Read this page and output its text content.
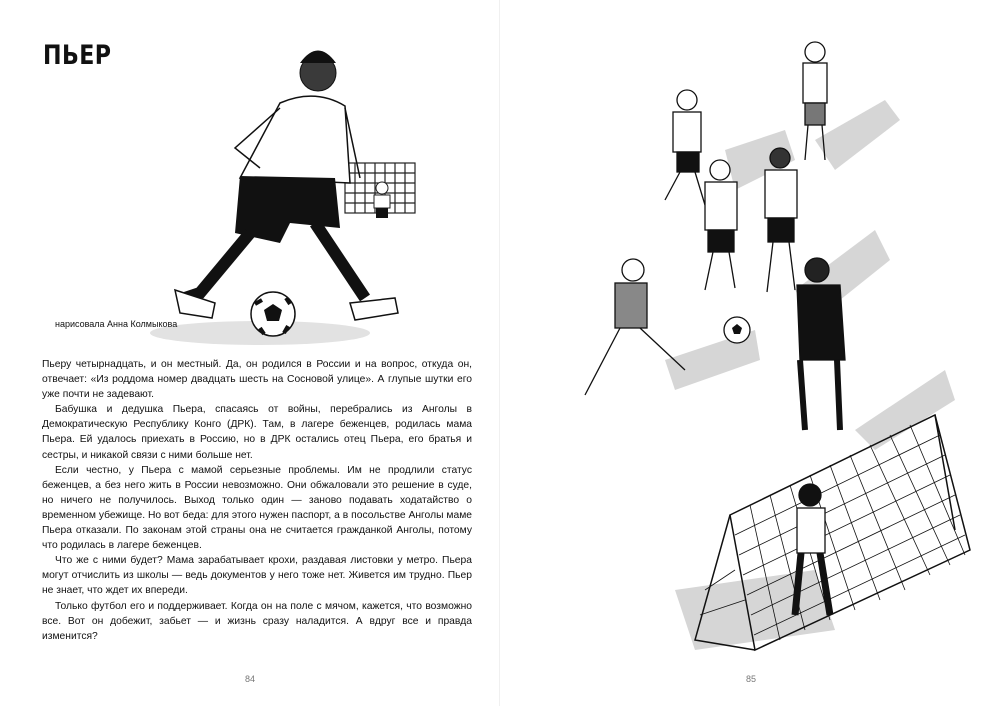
ПЬЕР
нарисовала Анна Колмыкова

Пьеру четырнадцать, и он местный. Да, он родился в России и на вопрос, откуда он, отвечает: «Из роддома номер двадцать шесть на Сосновой улице». А глупые шутки его уже почти не задевают.

Бабушка и дедушка Пьера, спасаясь от войны, перебрались из Анголы в Демократическую Республику Конго (ДРК). Там, в лагере беженцев, родилась мама Пьера. Ей удалось приехать в Россию, но в ДРК остались отец Пьера, его братья и сестры, и никакой связи с ними больше нет.

Если честно, у Пьера с мамой серьезные проблемы. Им не продлили статус беженцев, а без него жить в России невозможно. Они обжаловали это решение в суде, но ничего не получилось. Выход только один — заново подавать ходатайство о временном убежище. Но вот беда: для этого нужен паспорт, а в посольстве Анголы маме Пьера отказали. По законам этой страны она не считается гражданкой Анголы, потому что родилась в лагере беженцев.

Что же с ними будет? Мама зарабатывает крохи, раздавая листовки у метро. Пьера могут отчислить из школы — ведь документов у него тоже нет. Живется им трудно. Пьер не знает, что ждет их впереди.

Только футбол его и поддерживает. Когда он на поле с мячом, кажется, что возможно все. Вот он добежит, забьет — и жизнь сразу наладится. А вдруг все и правда изменится?

84	85
